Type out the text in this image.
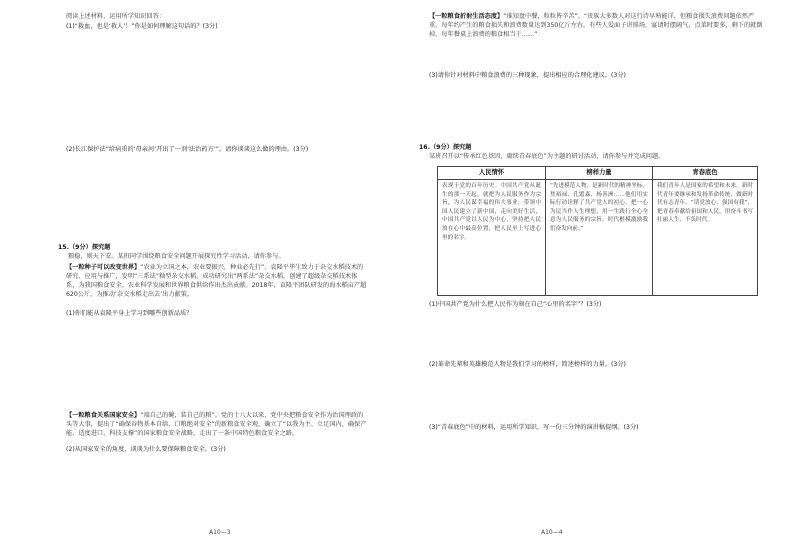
阅读上述材料，运用所学知识回答：
(1)“救血，也是‘救人’！”你是如何理解这句话的？(3分)
(2)长江保护法“给病重的‘母亲河’开出了一剂‘法治药方’”。请你谈谈这么做的理由。(3分)
15.（9分）探究题
粮稳，则天下安。某班同学围绕粮食安全问题开展探究性学习活动，请你参与。
【一粒种子可以改变世界】“农业为立国之本，农业要振兴，种业必先行”。袁隆平毕生致力于杂交水稻技术的研究、应用与推广，发明“三系法”籼型杂交水稻，成功研究出“两系法”杂交水稻，创建了超级杂交稻技术体系，为我国粮食安全、农业科学发展和世界粮食供给作出杰出贡献。2018年，袁隆平团队研发的海水稻亩产超620公斤，为推动‘杂交水稻走出去’出力献策。
(1)你们能从袁隆平身上学习到哪些创新品质？
【一粒粮食关系国家安全】“端自己的碗，装自己的粮”。党的十八大以来，党中央把粮食安全作为治国理政的头等大事，提出了“确保谷物基本自给、口粮绝对安全”的新粮食安全观，确立了“以我为主、立足国内、确保产能、适度进口、科技支撑”的国家粮食安全战略，走出了一条中国特色粮食安全之路。
(2)从国家安全的角度，谈谈为什么要保障粮食安全。(3分)
A10—3
【一粒粮食折射生活态度】“谁知盘中餐，粒粒皆辛苦”。“贵族大多数人对这行诗早熟能详，但粮食损失浪费问题依然严重，每年约产生的粮食损失和浪费数量达到350亿斤左右。有些人爱面子讲排场，宴请时摆阔气，点菜时要多，剩下的就倒掉，每年餐桌上浪费的粮食相当于……”
(3)请你针对材料中粮食浪费的三种现象，提出相应的合理化建议。(3分)
16.（9分）探究题
某班召开以“传承红色基因，赓续青春底色”为主题的研讨活动，请你参与并完成问题。
人民情怀
表现于党的百年历史。中国共产党从诞生的那一天起，就把为人民服务作为宗旨，为人民谋幸福的伟大事业，带领中国人民建立了新中国，走向美好生活，中国共产党以人民为中心，坚持把人民放在心中最高位置，把人民至上写进心里的名字。
榜样力量
“先进模范人物，是新时代的精神坐标。焦裕禄、孔繁森、杨善洲……他们用实际行动诠释了共产党人的初心，把一心为民当作人生理想，用一生践行全心全意为人民服务的宗旨，时代楷模激励我们奋发向前。”
青春底色
我们青年人是国家的希望和未来。新时代青年要继承和发扬革命传统，做新时代有志青年，“请党放心，强国有我”，把青春奉献给祖国和人民，用奋斗书写壮丽人生，不负时代。
(1)中国共产党为什么把人民作为刻在自己“心里的名字”？(3分)
(2)革命先辈和英雄模范人物是我们学习的榜样，简述榜样的力量。(3分)
(3)“青春底色”中的材料，运用所学知识，写一份三分钟的演讲稿提纲。(3分)
A10—4
